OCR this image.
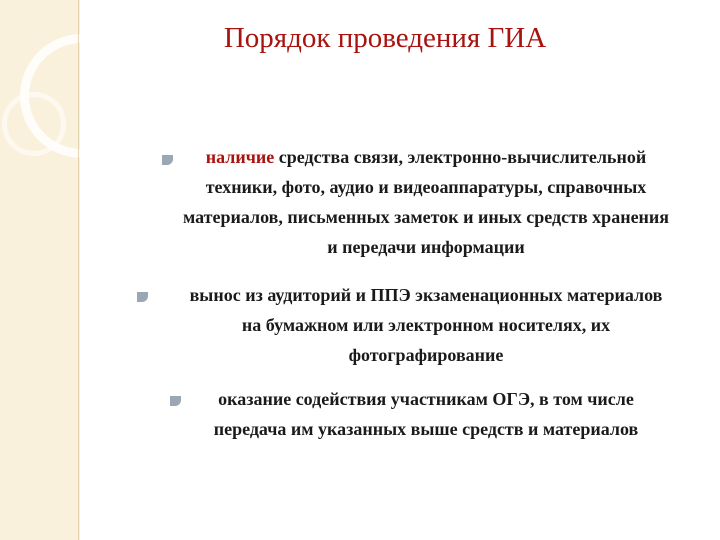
Порядок проведения ГИА
наличие средства связи, электронно-вычислительной
техники, фото, аудио и видеоаппаратуры, справочных
материалов, письменных заметок и иных средств хранения
и передачи информации
вынос из аудиторий и ППЭ экзаменационных материалов
на бумажном или электронном носителях, их
фотографирование
оказание содействия участникам ОГЭ, в том числе
передача им указанных выше средств и материалов
